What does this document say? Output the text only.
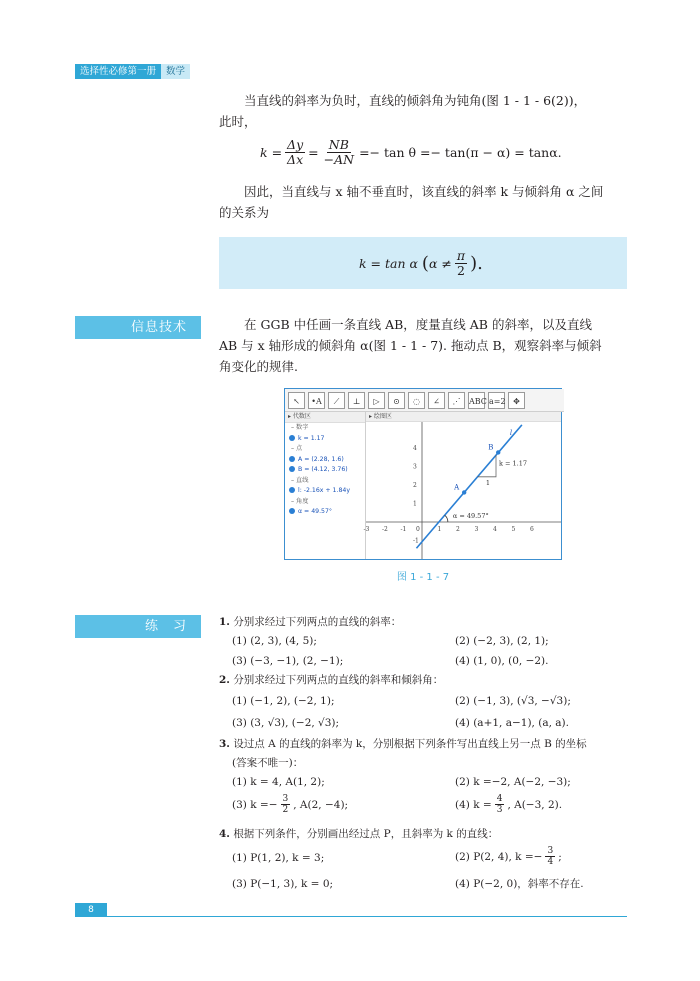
选择性必修第一册	数学
当直线的斜率为负时，直线的倾斜角为钝角(图 1 - 1 - 6(2))，
此时，
k
= $\frac{\Delta y}{\Delta x} = \frac{NB}{-AN} =- \tan \theta =- \tan(\pi - \alpha) = \tan\alpha$.
因此，当直线与 x 轴不垂直时，该直线的斜率 k 与倾斜角 α 之间
的关系为
k = tan α
( $\alpha \ne \frac{\pi}{2}$ ).
信息技术	在 GGB 中任画一条直线 AB，度量直线 AB 的斜率，以及直线
AB 与 x 轴形成的倾斜角 α(图 1 - 1 - 7). 拖动点 B，观察斜率与倾斜
角变化的规律.
↖	•A	⟋	⊥	▷	⊙	◌	∠	⋰	ABC a=2 ✥
▸ 代数区
– 数字
k = 1.17
– 点
A = (2.28, 1.6)
B = (4.12, 3.76)
– 直线
l: -2.16x + 1.84y
– 角度
α = 49.57°
▸ 绘图区
-3 -2 -1 0	1 2 3 4 5 6
4
3
2
1
-1
k = 1.17
1
α = 49.57°
A
B
l
图 1 - 1 - 7
练　习	1. 分别求经过下列两点的直线的斜率：
(1) (2, 3), (4, 5);	(2) (−2, 3), (2, 1);
(3) (−3, −1), (2, −1);	(4) (1, 0), (0, −2).
2. 分别求经过下列两点的直线的斜率和倾斜角：
(1) (−1, 2), (−2, 1);	(2) (−1, 3), (√3, −√3);
(3) (3, √3), (−2, √3);	(4) (a+1, a−1), (a, a).
3. 设过点 A 的直线的斜率为 k，分别根据下列条件写出直线上另一点 B 的坐标
(答案不唯一)：
(1) k = 4, A(1, 2);	(2) k =−2, A(−2, −3);
(3) $k =- \frac{3}{2}$ , A(2, −4);	(4) $k = \frac{4}{3}$ , A(−3, 2).
4. 根据下列条件，分别画出经过点 P，且斜率为 k 的直线：
(1) P(1, 2), k = 3;	(2) P(2, 4), $k =- \frac{3}{4}$ ;
(3) P(−1, 3), k = 0;	(4) P(−2, 0)，斜率不存在.
8
